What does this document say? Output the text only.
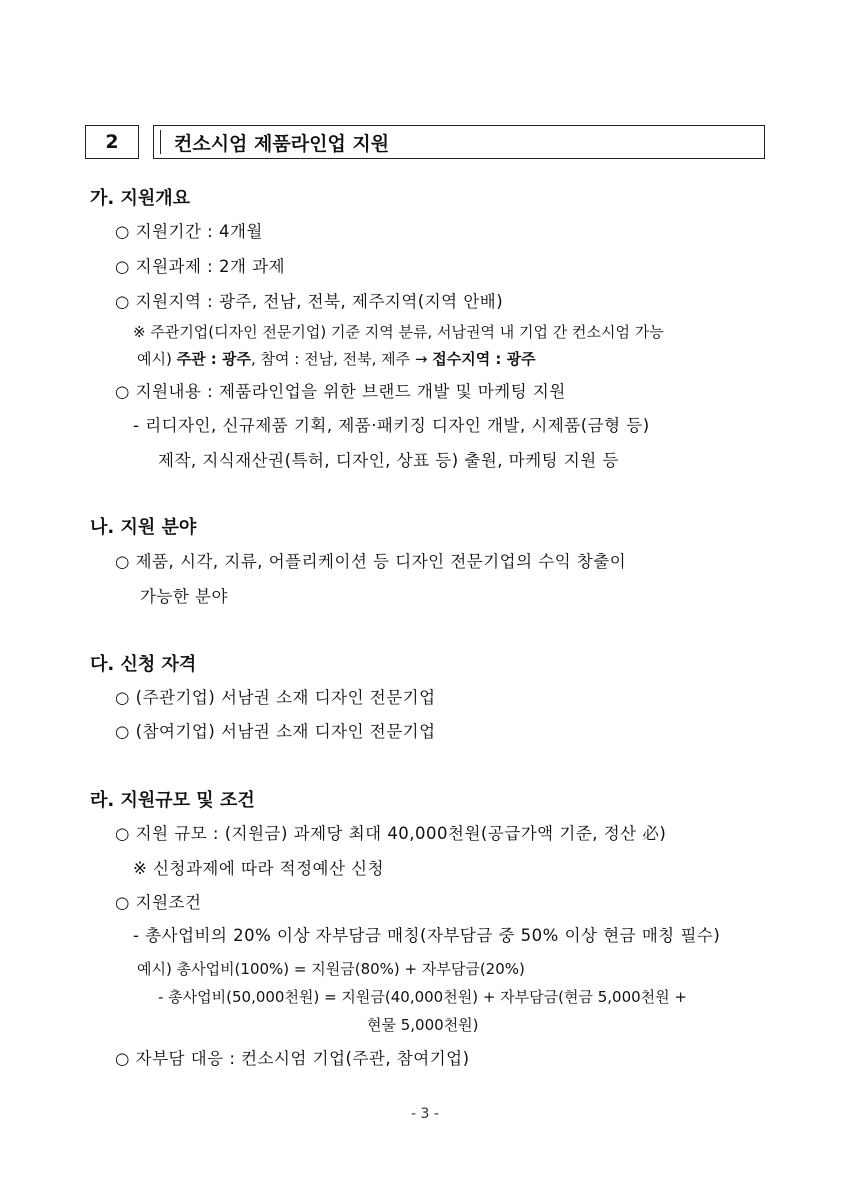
2	컨소시엄 제품라인업 지원
가. 지원개요
○ 지원기간 : 4개월
○ 지원과제 : 2개 과제
○ 지원지역 : 광주, 전남, 전북, 제주지역(지역 안배)
※ 주관기업(디자인 전문기업) 기준 지역 분류, 서남권역 내 기업 간 컨소시엄 가능
예시) 주관 : 광주, 참여 : 전남, 전북, 제주 → 접수지역 : 광주
○ 지원내용 : 제품라인업을 위한 브랜드 개발 및 마케팅 지원
- 리디자인, 신규제품 기획, 제품·패키징 디자인 개발, 시제품(금형 등)
제작, 지식재산권(특허, 디자인, 상표 등) 출원, 마케팅 지원 등
나. 지원 분야
○ 제품, 시각, 지류, 어플리케이션 등 디자인 전문기업의 수익 창출이
가능한 분야
다. 신청 자격
○ (주관기업) 서남권 소재 디자인 전문기업
○ (참여기업) 서남권 소재 디자인 전문기업
라. 지원규모 및 조건
○ 지원 규모 : (지원금) 과제당 최대 40,000천원(공급가액 기준, 정산 必)
※ 신청과제에 따라 적정예산 신청
○ 지원조건
- 총사업비의 20% 이상 자부담금 매칭(자부담금 중 50% 이상 현금 매칭 필수)
예시) 총사업비(100%) = 지원금(80%) + 자부담금(20%)
- 총사업비(50,000천원) = 지원금(40,000천원) + 자부담금(현금 5,000천원 +
현물 5,000천원)
○ 자부담 대응 : 컨소시엄 기업(주관, 참여기업)
- 3 -
